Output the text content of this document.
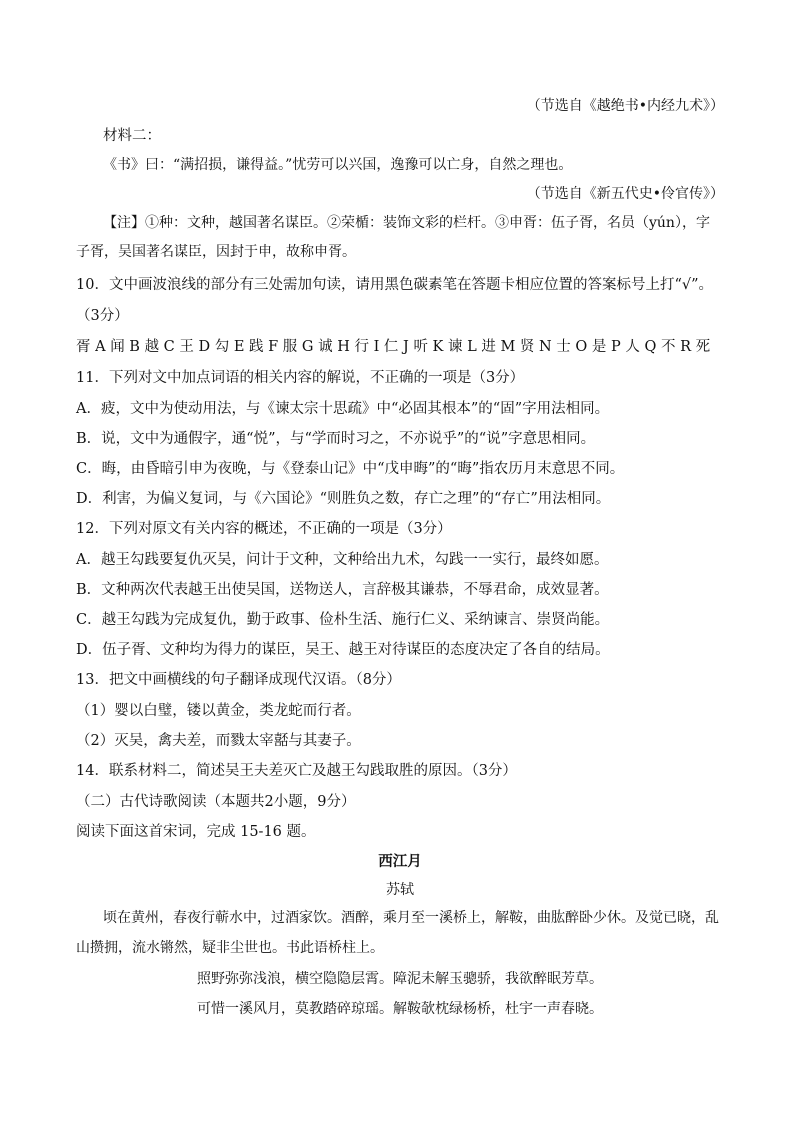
（节选自《越绝书•内经九术》）
材料二：
《书》曰：“满招损，谦得益。”忧劳可以兴国，逸豫可以亡身，自然之理也。
（节选自《新五代史•伶官传》）
【注】①种：文种，越国著名谋臣。②荣楯：装饰文彩的栏杆。③申胥：伍子胥，名员（yún），字
子胥，吴国著名谋臣，因封于申，故称申胥。
10．文中画波浪线的部分有三处需加句读，请用黑色碳素笔在答题卡相应位置的答案标号上打“√”。
（3分）
胥 A 闻 B 越 C 王 D 勾 E 践 F 服 G 诚 H 行 I 仁 J 听 K 谏 L 进 M 贤 N 士 O 是 P 人 Q 不 R 死
11．下列对文中加点词语的相关内容的解说，不正确的一项是（3分）
A．疲，文中为使动用法，与《谏太宗十思疏》中“必固其根本”的“固”字用法相同。
B．说，文中为通假字，通“悦”，与“学而时习之，不亦说乎”的“说”字意思相同。
C．晦，由昏暗引申为夜晚，与《登泰山记》中“戊申晦”的“晦”指农历月末意思不同。
D．利害，为偏义复词，与《六国论》“则胜负之数，存亡之理”的“存亡”用法相同。
12．下列对原文有关内容的概述，不正确的一项是（3分）
A．越王勾践要复仇灭吴，问计于文种，文种给出九术，勾践一一实行，最终如愿。
B．文种两次代表越王出使吴国，送物送人，言辞极其谦恭，不辱君命，成效显著。
C．越王勾践为完成复仇，勤于政事、俭朴生活、施行仁义、采纳谏言、崇贤尚能。
D．伍子胥、文种均为得力的谋臣，吴王、越王对待谋臣的态度决定了各自的结局。
13．把文中画横线的句子翻译成现代汉语。（8分）
（1）婴以白璧，镂以黄金，类龙蛇而行者。
（2）灭吴，禽夫差，而戮太宰嚭与其妻子。
14．联系材料二，简述吴王夫差灭亡及越王勾践取胜的原因。（3分）
（二）古代诗歌阅读（本题共2小题，9分）
阅读下面这首宋词，完成 15-16 题。
西江月
苏轼
顷在黄州，春夜行蕲水中，过酒家饮。酒醉，乘月至一溪桥上，解鞍，曲肱醉卧少休。及觉已晓，乱
山攒拥，流水锵然，疑非尘世也。书此语桥柱上。
照野弥弥浅浪，横空隐隐层霄。障泥未解玉骢骄，我欲醉眠芳草。
可惜一溪风月，莫教踏碎琼瑶。解鞍欹枕绿杨桥，杜宇一声春晓。
